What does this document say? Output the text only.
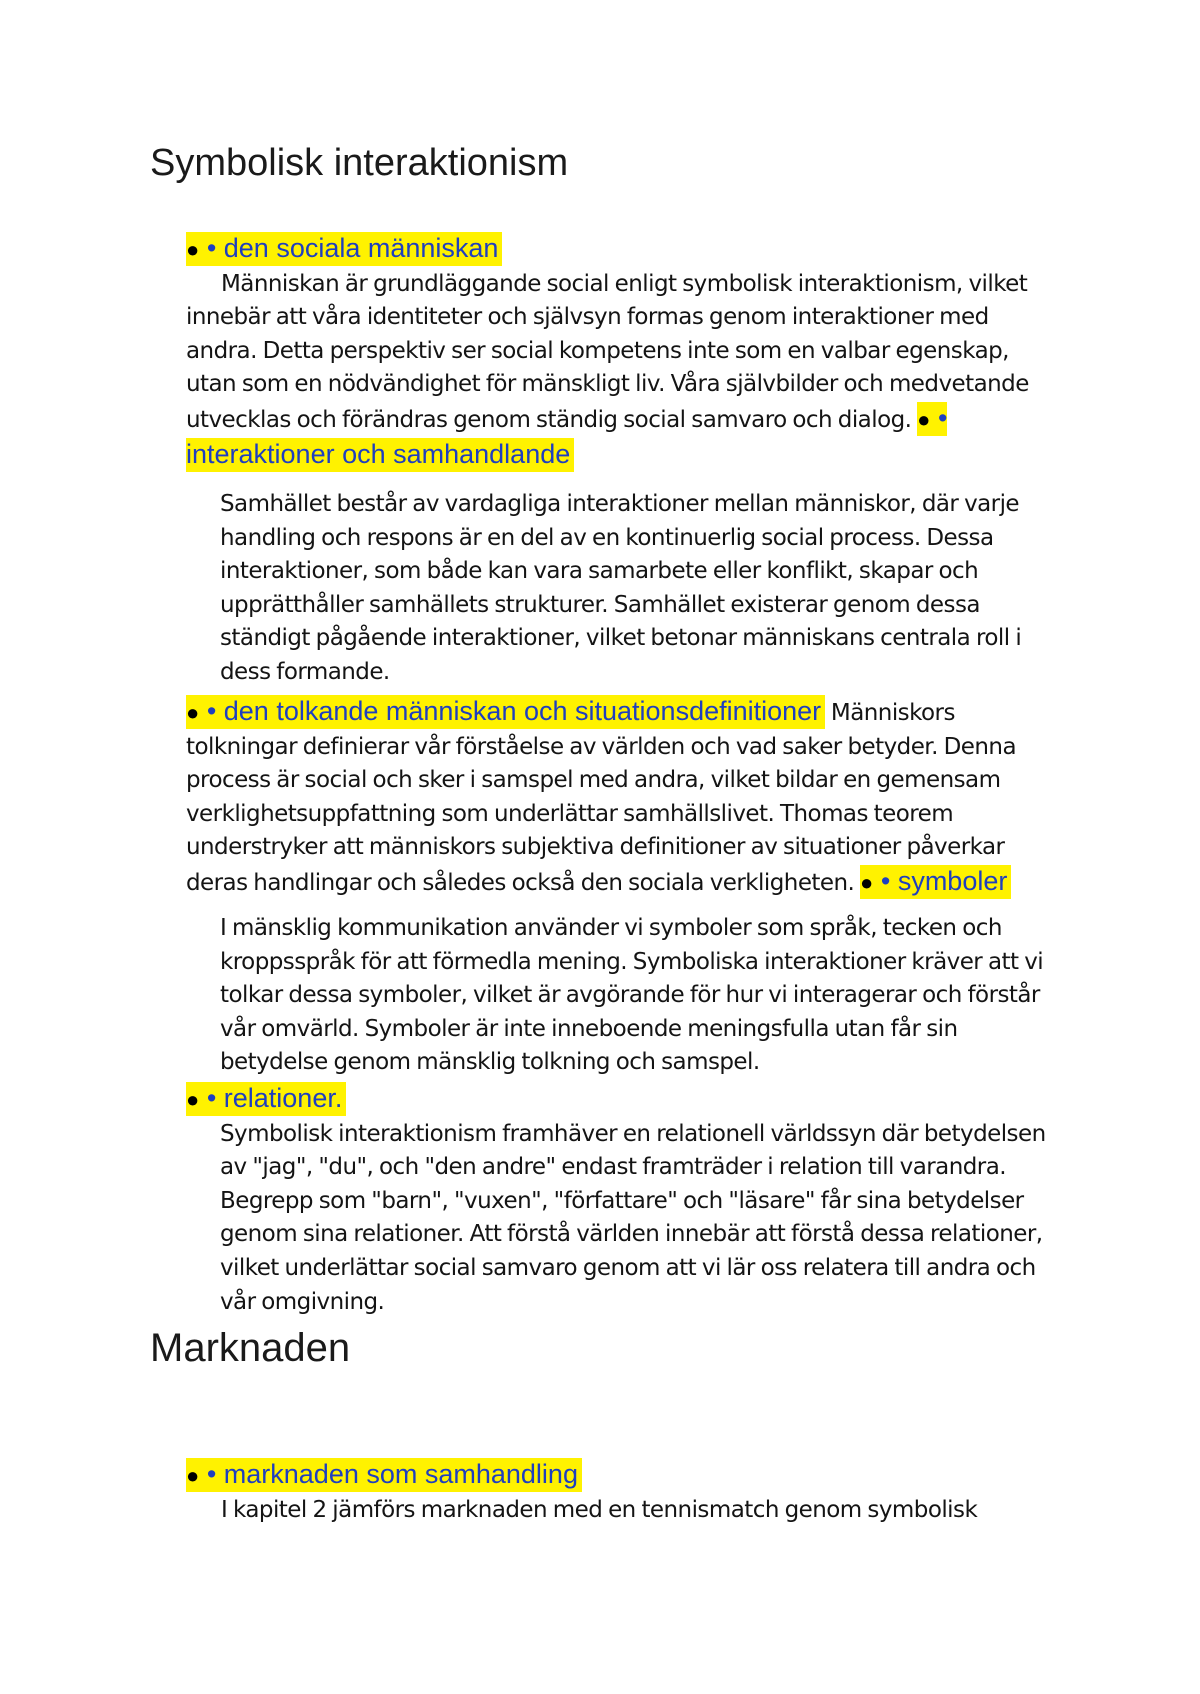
Symbolisk interaktionism
● • den sociala människan
Människan är grundläggande social enligt symbolisk interaktionism, vilket innebär att våra identiteter och självsyn formas genom interaktioner med andra. Detta perspektiv ser social kompetens inte som en valbar egenskap, utan som en nödvändighet för mänskligt liv. Våra självbilder och medvetande utvecklas och förändras genom ständig social samvaro och dialog. ● • interaktioner och samhandlande
Samhället består av vardagliga interaktioner mellan människor, där varje handling och respons är en del av en kontinuerlig social process. Dessa interaktioner, som både kan vara samarbete eller konflikt, skapar och upprätthåller samhällets strukturer. Samhället existerar genom dessa ständigt pågående interaktioner, vilket betonar människans centrala roll i dess formande.
● • den tolkande människan och situationsdefinitioner Människors tolkningar definierar vår förståelse av världen och vad saker betyder. Denna process är social och sker i samspel med andra, vilket bildar en gemensam verklighetsuppfattning som underlättar samhällslivet. Thomas teorem understryker att människors subjektiva definitioner av situationer påverkar deras handlingar och således också den sociala verkligheten. ● • symboler
I mänsklig kommunikation använder vi symboler som språk, tecken och kroppsspråk för att förmedla mening. Symboliska interaktioner kräver att vi tolkar dessa symboler, vilket är avgörande för hur vi interagerar och förstår vår omvärld. Symboler är inte inneboende meningsfulla utan får sin betydelse genom mänsklig tolkning och samspel.
● • relationer.
Symbolisk interaktionism framhäver en relationell världssyn där betydelsen av "jag", "du", och "den andre" endast framträder i relation till varandra. Begrepp som "barn", "vuxen", "författare" och "läsare" får sina betydelser genom sina relationer. Att förstå världen innebär att förstå dessa relationer, vilket underlättar social samvaro genom att vi lär oss relatera till andra och vår omgivning.
Marknaden
● • marknaden som samhandling
I kapitel 2 jämförs marknaden med en tennismatch genom symbolisk
